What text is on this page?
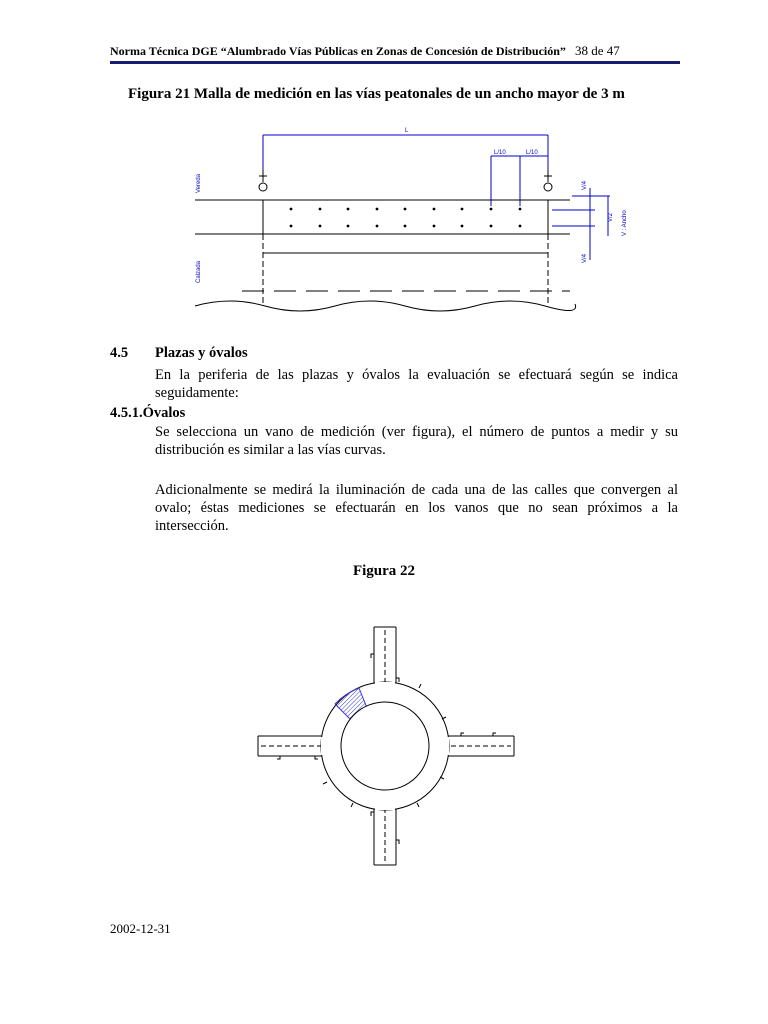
Norma Técnica DGE “Alumbrado Vías Públicas en Zonas de Concesión de Distribución” 38 de 47
Figura 21 Malla de medición en las vías peatonales de un ancho mayor de 3 m
L
L/10	L/10
Vereda
Calzada
V/4
V/2 V : Ancho
V/4
4.5 Plazas y óvalos
En la periferia de las plazas y óvalos la evaluación se efectuará según se indica seguidamente:
4.5.1.Óvalos
Se selecciona un vano de medición (ver figura), el número de puntos a medir y su distribución es similar a las vías curvas.
Adicionalmente se medirá la iluminación de cada una de las calles que convergen al ovalo; éstas mediciones se efectuarán en los vanos que no sean próximos a la intersección.
Figura 22
2002-12-31
